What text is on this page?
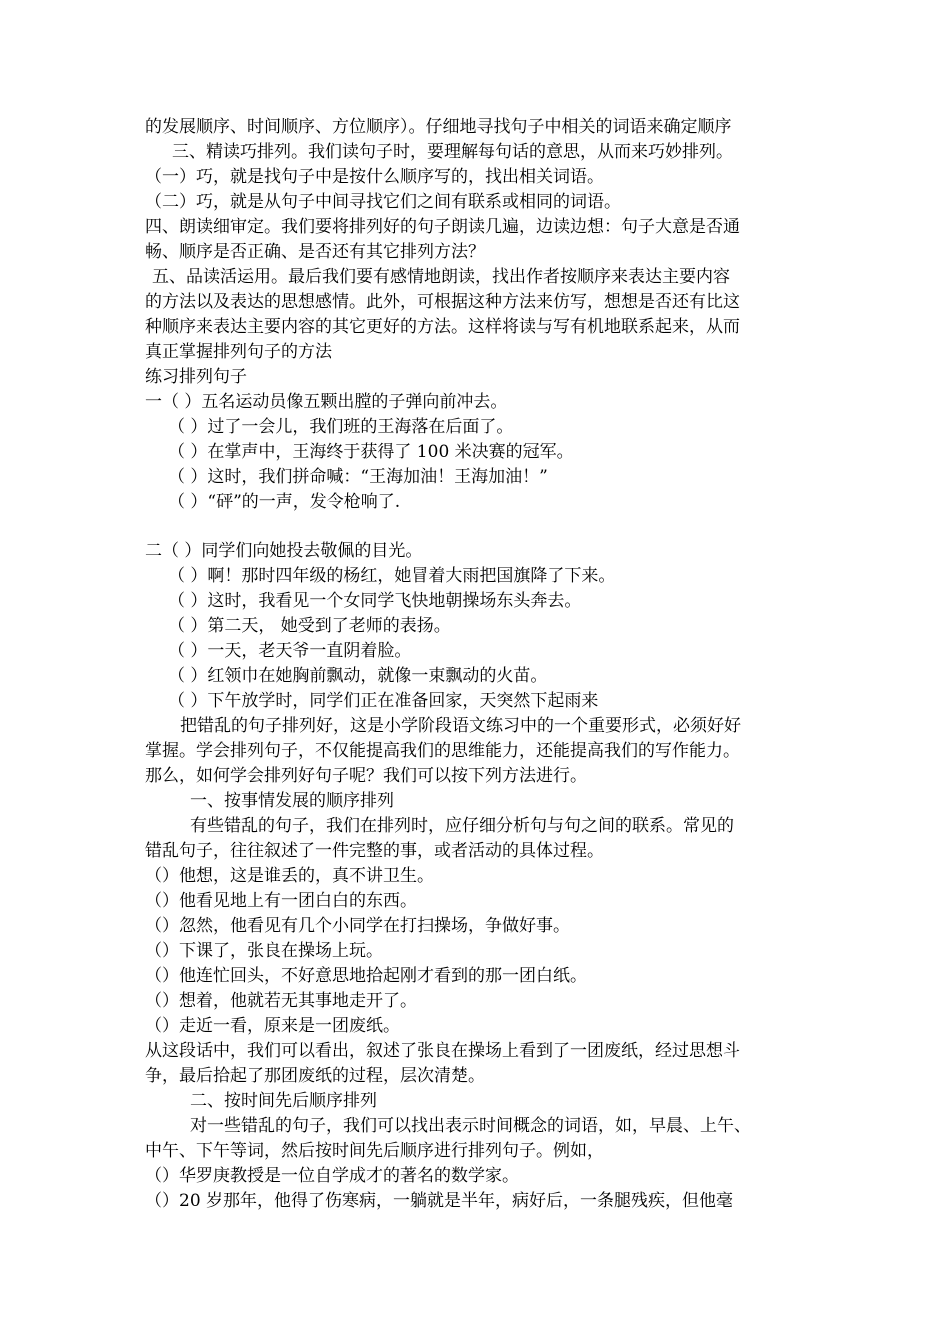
的发展顺序、时间顺序、方位顺序）。仔细地寻找句子中相关的词语来确定顺序
三、精读巧排列。我们读句子时，要理解每句话的意思，从而来巧妙排列。
（一）巧，就是找句子中是按什么顺序写的，找出相关词语。
（二）巧，就是从句子中间寻找它们之间有联系或相同的词语。
四、朗读细审定。我们要将排列好的句子朗读几遍，边读边想：句子大意是否通
畅、顺序是否正确、是否还有其它排列方法？
五、品读活运用。最后我们要有感情地朗读，找出作者按顺序来表达主要内容
的方法以及表达的思想感情。此外，可根据这种方法来仿写，想想是否还有比这
种顺序来表达主要内容的其它更好的方法。这样将读与写有机地联系起来，从而
真正掌握排列句子的方法
练习排列句子
一（ ）五名运动员像五颗出膛的子弹向前冲去。
（ ）过了一会儿，我们班的王海落在后面了。
（ ）在掌声中，王海终于获得了 100 米决赛的冠军。
（ ）这时，我们拼命喊：“王海加油！王海加油！”
（ ）“砰”的一声，发令枪响了.
二（ ）同学们向她投去敬佩的目光。
（ ）啊！那时四年级的杨红，她冒着大雨把国旗降了下来。
（ ）这时，我看见一个女同学飞快地朝操场东头奔去。
（ ）第二天， 她受到了老师的表扬。
（ ）一天，老天爷一直阴着脸。
（ ）红领巾在她胸前飘动，就像一束飘动的火苗。
（ ）下午放学时，同学们正在准备回家，天突然下起雨来
把错乱的句子排列好，这是小学阶段语文练习中的一个重要形式，必须好好
掌握。学会排列句子，不仅能提高我们的思维能力，还能提高我们的写作能力。
那么，如何学会排列好句子呢？我们可以按下列方法进行。
一、按事情发展的顺序排列
有些错乱的句子，我们在排列时，应仔细分析句与句之间的联系。常见的
错乱句子，往往叙述了一件完整的事，或者活动的具体过程。
（）他想，这是谁丢的，真不讲卫生。
（）他看见地上有一团白白的东西。
（）忽然，他看见有几个小同学在打扫操场，争做好事。
（）下课了，张良在操场上玩。
（）他连忙回头，不好意思地拾起刚才看到的那一团白纸。
（）想着，他就若无其事地走开了。
（）走近一看，原来是一团废纸。
从这段话中，我们可以看出，叙述了张良在操场上看到了一团废纸，经过思想斗
争，最后拾起了那团废纸的过程，层次清楚。
二、按时间先后顺序排列
对一些错乱的句子，我们可以找出表示时间概念的词语，如，早晨、上午、
中午、下午等词，然后按时间先后顺序进行排列句子。例如，
（）华罗庚教授是一位自学成才的著名的数学家。
（）20 岁那年，他得了伤寒病，一躺就是半年，病好后，一条腿残疾，但他毫
